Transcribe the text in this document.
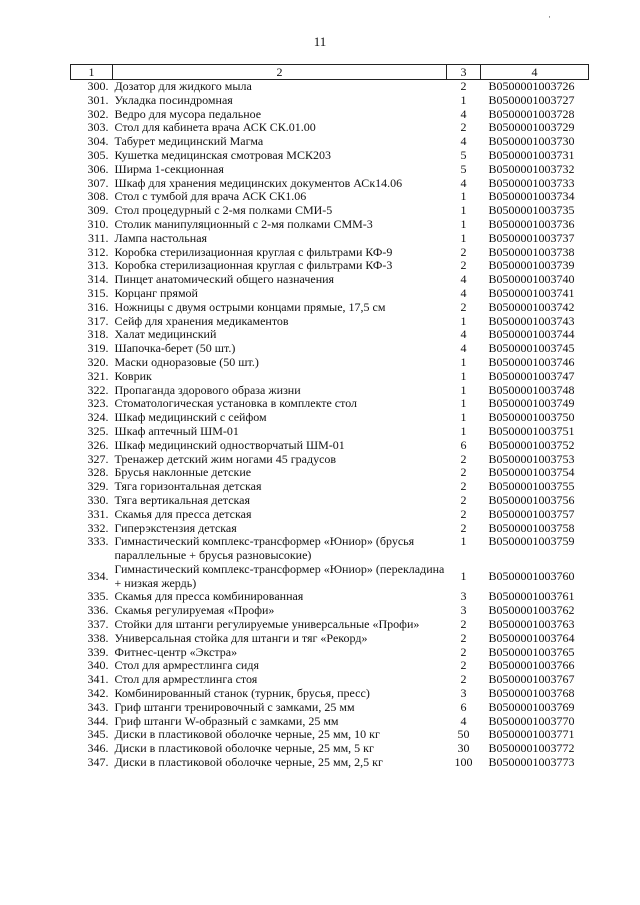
·
11
1	2	3	4
300.	Дозатор для жидкого мыла	2	В0500001003726
301.	Укладка посиндромная	1	В0500001003727
302.	Ведро для мусора педальное	4	В0500001003728
303.	Стол для кабинета врача АСК СК.01.00	2	В0500001003729
304.	Табурет медицинский Магма	4	В0500001003730
305.	Кушетка медицинская смотровая МСК203	5	В0500001003731
306.	Ширма 1-секционная	5	В0500001003732
307.	Шкаф для хранения медицинских документов АСк14.06	4	В0500001003733
308.	Стол с тумбой для врача АСК СК1.06	1	В0500001003734
309.	Стол процедурный с 2-мя полками СМИ-5	1	В0500001003735
310.	Столик манипуляционный с 2-мя полками СММ-3	1	В0500001003736
311.	Лампа настольная	1	В0500001003737
312.	Коробка стерилизационная круглая с фильтрами КФ-9	2	В0500001003738
313.	Коробка стерилизационная круглая с фильтрами КФ-3	2	В0500001003739
314.	Пинцет анатомический общего назначения	4	В0500001003740
315.	Корцанг прямой	4	В0500001003741
316.	Ножницы с двумя острыми концами прямые, 17,5 см	2	В0500001003742
317.	Сейф для хранения медикаментов	1	В0500001003743
318.	Халат медицинский	4	В0500001003744
319.	Шапочка-берет (50 шт.)	4	В0500001003745
320.	Маски одноразовые (50 шт.)	1	В0500001003746
321.	Коврик	1	В0500001003747
322.	Пропаганда здорового образа жизни	1	В0500001003748
323.	Стоматологическая установка в комплекте стол	1	В0500001003749
324.	Шкаф медицинский с сейфом	1	В0500001003750
325.	Шкаф аптечный ШМ-01	1	В0500001003751
326.	Шкаф медицинский одностворчатый ШМ-01	6	В0500001003752
327.	Тренажер детский жим ногами 45 градусов	2	В0500001003753
328.	Брусья наклонные детские	2	В0500001003754
329.	Тяга горизонтальная детская	2	В0500001003755
330.	Тяга вертикальная детская	2	В0500001003756
331.	Скамья для пресса детская	2	В0500001003757
332.	Гиперэкстензия детская	2	В0500001003758
333.	Гимнастический комплекс-трансформер «Юниор» (брусья параллельные + брусья разновысокие)	1	В0500001003759
334.	Гимнастический комплекс-трансформер «Юниор» (перекладина + низкая жердь)	1	В0500001003760
335.	Скамья для пресса комбинированная	3	В0500001003761
336.	Скамья регулируемая «Профи»	3	В0500001003762
337.	Стойки для штанги регулируемые универсальные «Профи»	2	В0500001003763
338.	Универсальная стойка для штанги и тяг «Рекорд»	2	В0500001003764
339.	Фитнес-центр «Экстра»	2	В0500001003765
340.	Стол для армрестлинга сидя	2	В0500001003766
341.	Стол для армрестлинга стоя	2	В0500001003767
342.	Комбинированный станок (турник, брусья, пресс)	3	В0500001003768
343.	Гриф штанги тренировочный с замками, 25 мм	6	В0500001003769
344.	Гриф штанги W-образный с замками, 25 мм	4	В0500001003770
345.	Диски в пластиковой оболочке черные, 25 мм, 10 кг	50	В0500001003771
346.	Диски в пластиковой оболочке черные, 25 мм, 5 кг	30	В0500001003772
347.	Диски в пластиковой оболочке черные, 25 мм, 2,5 кг	100	В0500001003773
